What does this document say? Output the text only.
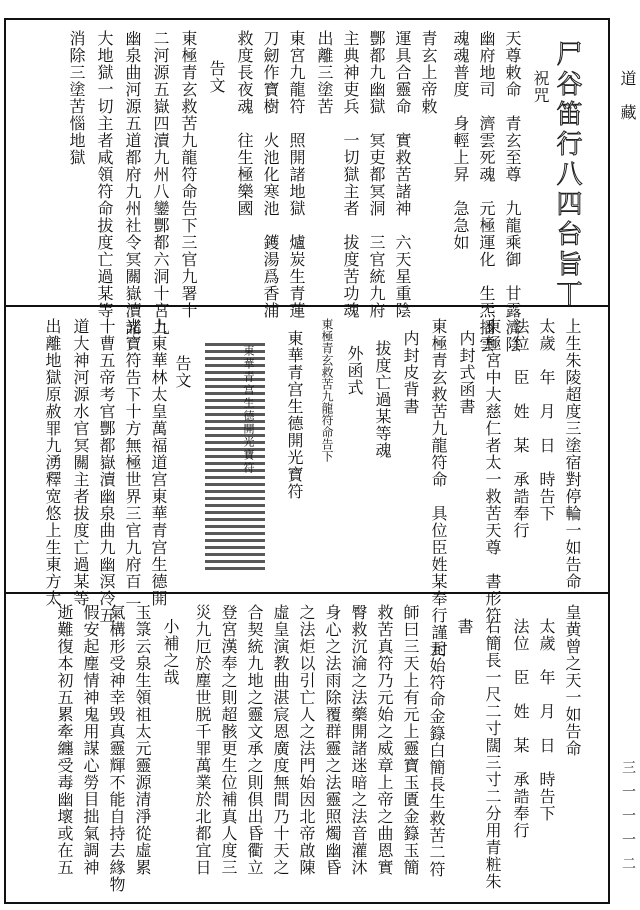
道藏
三一一一二
尸谷笛行八四台旨丅
祝咒
天尊敕命　青玄至尊　九龍乘御　甘露濟陰
幽府地司　濟雲死魂　元極運化　生炁播雲
魂魂普度　身輕上昇　急急如
青玄上帝敕
運具合靈命　實救苦諸神　六天星重陰
酆都九幽獄　冥吏都冥洞　三官統九府
主典神吏兵　一切獄主者　拔度苦功魂
出離三塗苦
東宮九龍符　照開諸地獄　爐炭生青蓮
刀劒作寶樹　火池化寒池　鑊湯爲香浦
救度長夜魂　往生極樂國
告文
東極青玄救苦九龍符命告下三官九署十
二河源五嶽四瀆九州八鑾酆都六洞十宮九
幽泉曲河源五道都府九州社令冥關嶽瀆諸
大地獄一切主者咸領符命拔度亡過某等
消除三塗苦惱地獄
上生朱陵超度三塗宿對停輪一如告命
太歲　年　月　日　時告下
法位　臣　姓　某　承誥奉行
東極宮中大慈仁者太一救苦天尊　書形符
内封式函書
東極青玄救苦九龍符命　具位臣姓某奉行謹封
内封皮背書
拔度亡過某等魂
外函式
東極青玄救苦九龍符命告下
東華青宫生德開光寶符
東華青宫生德開光寶符
告文
上東華林太皇萬福道宫東華青宫生德開
光寶符告下十方無極世界三官九府百二
十曹五帝考官酆都嶽瀆幽泉曲九幽溟冷五
道大神河源水官冥關主者拔度亡過某等
出離地獄原赦罪九湧釋宽悠上生東方太
皇黄曾之天一如告命
太歲　年　月　日　時告下
法位　臣　姓　某　承誥奉行
右簡長一尺二寸闊三寸二分用青粧朱
書
元始符命金籙白簡長生救苦二符
師曰三天上有元上靈寶玉匱金籙玉簡
救苦真符乃元始之威章上帝之曲恩實
臀救沉淪之法藥開諸迷暗之法音灌沐
身心之法雨除覆群靈之法靈照燭幽昏
之法炬以引亡人之法門始因北帝啟陳
虛皇演教曲湛宸恩廣度無間乃十天之
合契統九地之靈文承之則倶出昏衢立
登宮漢奉之則超骸更生位補真人度三
災九厄於塵世脱千罪萬業於北都宜日
小補之哉
玉箓云泉生領祖太元靈源清淨從虛累
氣構形受神幸毁真靈輝不能自持去緣物
假安起塵情神鬼用謀心勞目拙氣調神
逝難復本初五累牽纏受毒幽壞或在五
